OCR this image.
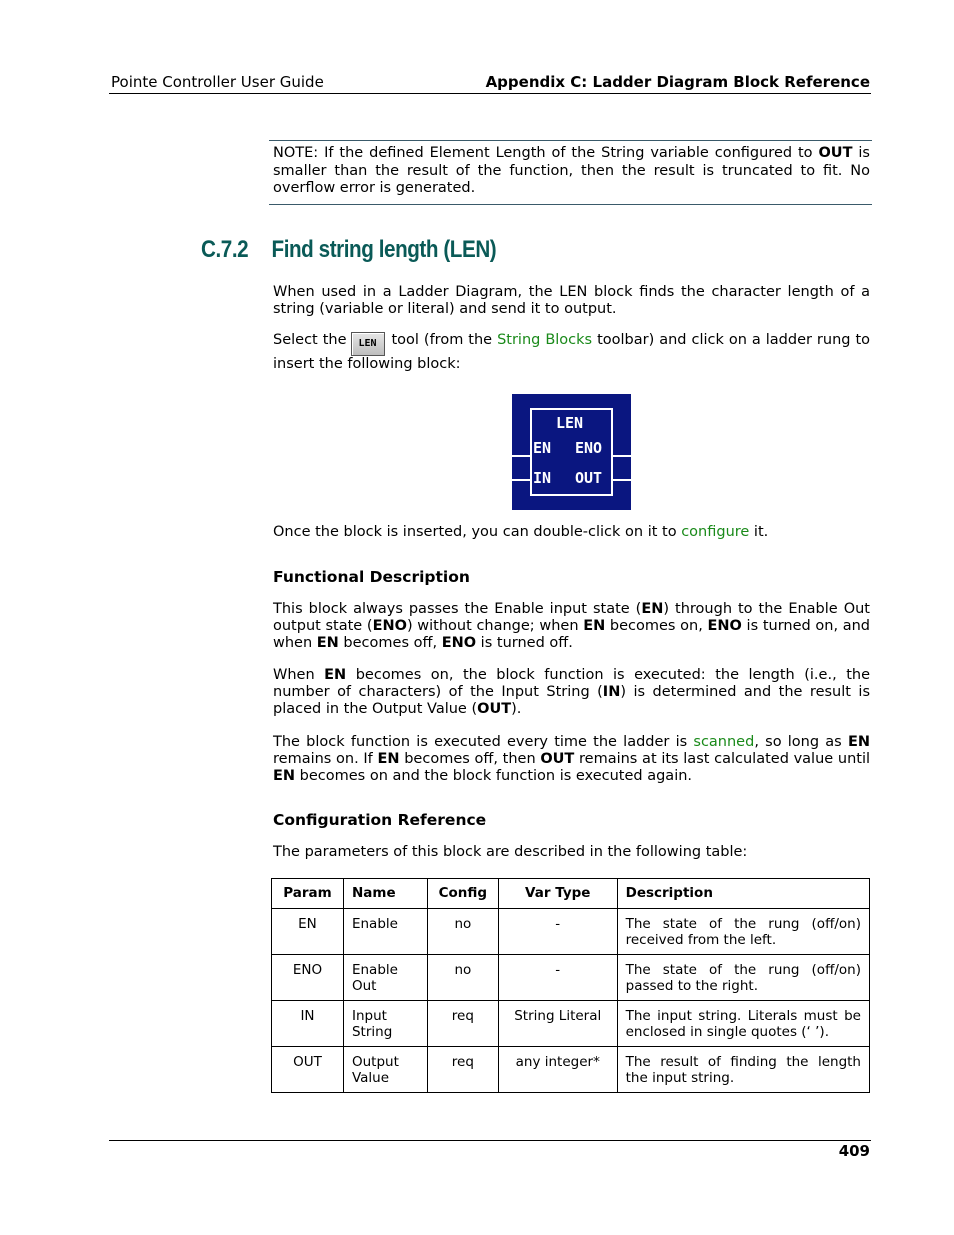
Pointe Controller User Guide	Appendix C: Ladder Diagram Block Reference

NOTE: If the defined Element Length of the String variable configured to OUT is smaller than the result of the function, then the result is truncated to fit. No overflow error is generated.

C.7.2 Find string length (LEN)

When used in a Ladder Diagram, the LEN block finds the character length of a string (variable or literal) and send it to output.

Select the LEN tool (from the String Blocks toolbar) and click on a ladder rung to insert the following block:

LEN
EN ENO
IN OUT

Once the block is inserted, you can double-click on it to configure it.

Functional Description

This block always passes the Enable input state (EN) through to the Enable Out output state (ENO) without change; when EN becomes on, ENO is turned on, and when EN becomes off, ENO is turned off.

When EN becomes on, the block function is executed: the length (i.e., the number of characters) of the Input String (IN) is determined and the result is placed in the Output Value (OUT).

The block function is executed every time the ladder is scanned, so long as EN remains on. If EN becomes off, then OUT remains at its last calculated value until EN becomes on and the block function is executed again.

Configuration Reference

The parameters of this block are described in the following table:

Param	Name	Config	Var Type	Description
EN	Enable	no	-	The state of the rung (off/on) received from the left.
ENO	Enable Out	no	-	The state of the rung (off/on) passed to the right.
IN	Input String	req	String Literal	The input string. Literals must be enclosed in single quotes (‘ ’).
OUT	Output Value	req	any integer*	The result of finding the length the input string.
409
